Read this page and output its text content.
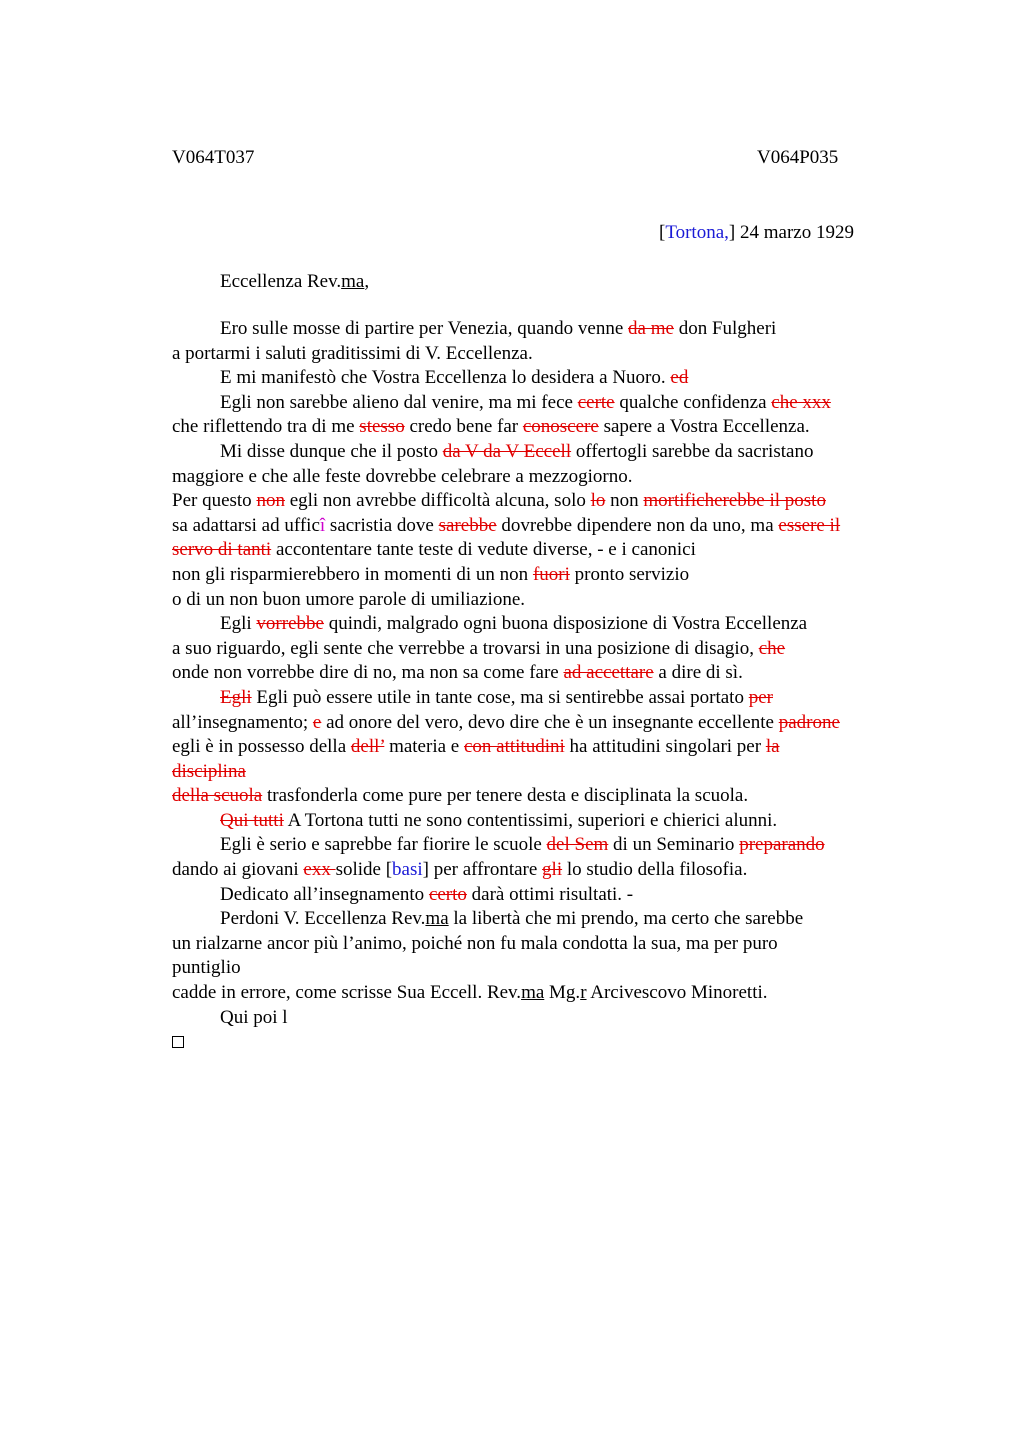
V064T037	V064P035
[Tortona,] 24 marzo 1929
Eccellenza Rev.ma,
Ero sulle mosse di partire per Venezia, quando venne da me don Fulgheri
a portarmi i saluti graditissimi di V. Eccellenza.
E mi manifestò che Vostra Eccellenza lo desidera a Nuoro. ed
Egli non sarebbe alieno dal venire, ma mi fece certe qualche confidenza che xxx
che riflettendo tra di me stesso credo bene far conoscere sapere a Vostra Eccellenza.
Mi disse dunque che il posto da V da V Eccell offertogli sarebbe da sacristano
maggiore e che alle feste dovrebbe celebrare a mezzogiorno.
Per questo non egli non avrebbe difficoltà alcuna, solo lo non mortificherebbe il posto
sa adattarsi ad ufficî sacristia dove sarebbe dovrebbe dipendere non da uno, ma essere il
servo di tanti accontentare tante teste di vedute diverse, - e i canonici
non gli risparmierebbero in momenti di un non fuori pronto servizio
o di un non buon umore parole di umiliazione.
Egli vorrebbe quindi, malgrado ogni buona disposizione di Vostra Eccellenza
a suo riguardo, egli sente che verrebbe a trovarsi in una posizione di disagio, che
onde non vorrebbe dire di no, ma non sa come fare ad accettare a dire di sì.
Egli Egli può essere utile in tante cose, ma si sentirebbe assai portato per
all’insegnamento; e ad onore del vero, devo dire che è un insegnante eccellente padrone
egli è in possesso della dell’ materia e con attitudini ha attitudini singolari per la
disciplina
della scuola trasfonderla come pure per tenere desta e disciplinata la scuola.
Qui tutti A Tortona tutti ne sono contentissimi, superiori e chierici alunni.
Egli è serio e saprebbe far fiorire le scuole del Sem di un Seminario preparando
dando ai giovani exx solide [basi] per affrontare gli lo studio della filosofia.
Dedicato all’insegnamento certo darà ottimi risultati. -
Perdoni V. Eccellenza Rev.ma la libertà che mi prendo, ma certo che sarebbe
un rialzarne ancor più l’animo, poiché non fu mala condotta la sua, ma per puro
puntiglio
cadde in errore, come scrisse Sua Eccell. Rev.ma Mg.r Arcivescovo Minoretti.
Qui poi l
